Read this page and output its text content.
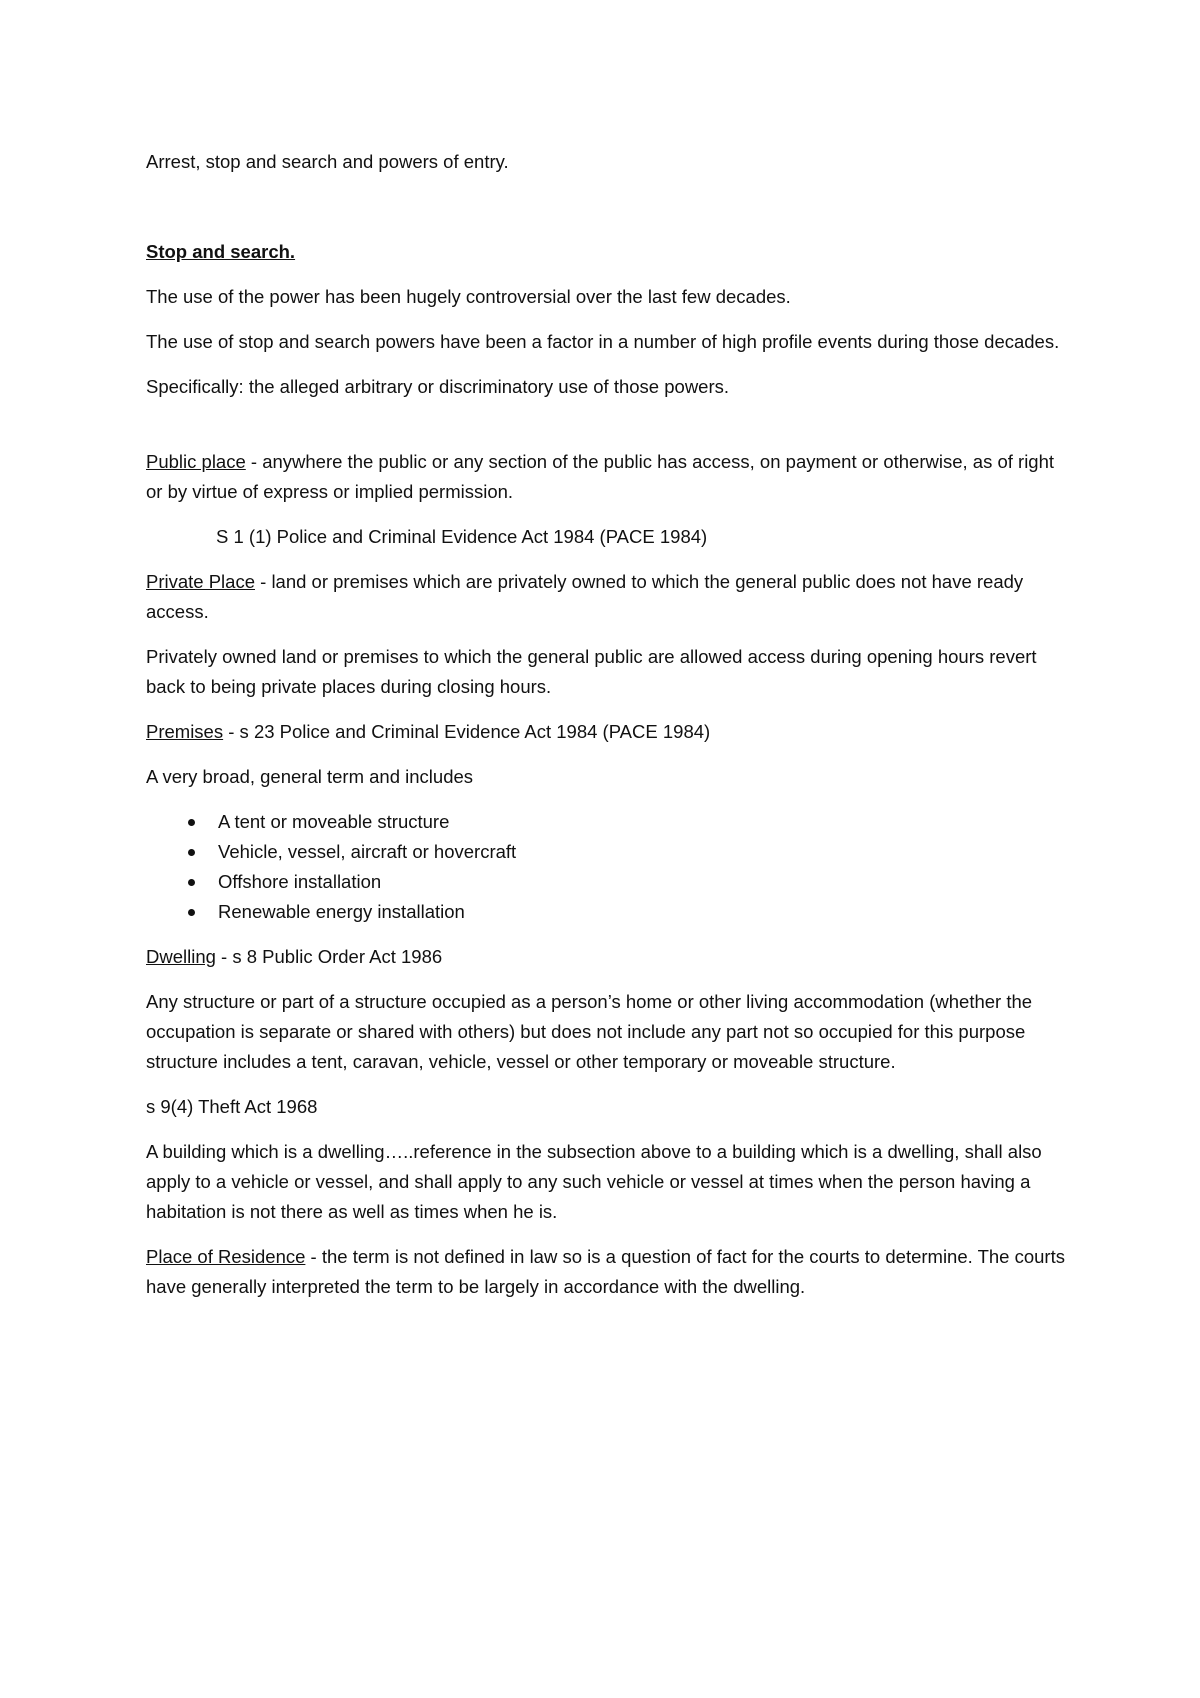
Arrest, stop and search and powers of entry.

Stop and search.

The use of the power has been hugely controversial over the last few decades.

The use of stop and search powers have been a factor in a number of high profile events during those decades.

Specifically: the alleged arbitrary or discriminatory use of those powers.

Public place - anywhere the public or any section of the public has access, on payment or otherwise, as of right or by virtue of express or implied permission.

S 1 (1) Police and Criminal Evidence Act 1984 (PACE 1984)

Private Place - land or premises which are privately owned to which the general public does not have ready access.

Privately owned land or premises to which the general public are allowed access during opening hours revert back to being private places during closing hours.

Premises - s 23 Police and Criminal Evidence Act 1984 (PACE 1984)

A very broad, general term and includes

A tent or moveable structure
Vehicle, vessel, aircraft or hovercraft
Offshore installation
Renewable energy installation

Dwelling - s 8 Public Order Act 1986

Any structure or part of a structure occupied as a person’s home or other living accommodation (whether the occupation is separate or shared with others) but does not include any part not so occupied for this purpose structure includes a tent, caravan, vehicle, vessel or other temporary or moveable structure.

s 9(4) Theft Act 1968

A building which is a dwelling…..reference in the subsection above to a building which is a dwelling, shall also apply to a vehicle or vessel, and shall apply to any such vehicle or vessel at times when the person having a habitation is not there as well as times when he is.

Place of Residence - the term is not defined in law so is a question of fact for the courts to determine. The courts have generally interpreted the term to be largely in accordance with the dwelling.
